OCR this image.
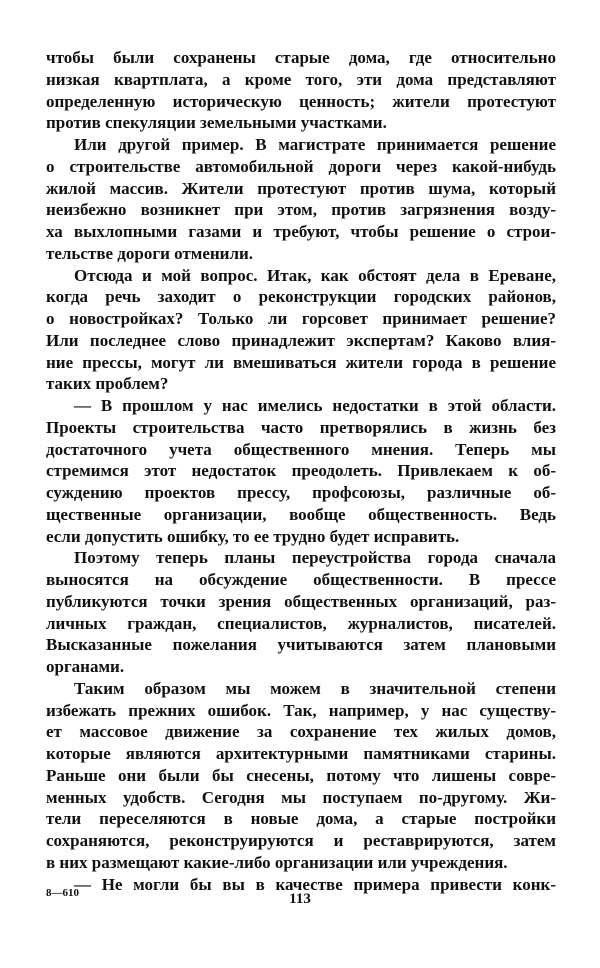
чтобы были сохранены старые дома, где относительно
низкая квартплата, а кроме того, эти дома представляют
определенную историческую ценность; жители протестуют
против спекуляции земельными участками.
Или другой пример. В магистрате принимается решение
о строительстве автомобильной дороги через какой-нибудь
жилой массив. Жители протестуют против шума, который
неизбежно возникнет при этом, против загрязнения возду-
ха выхлопными газами и требуют, чтобы решение о строи-
тельстве дороги отменили.
Отсюда и мой вопрос. Итак, как обстоят дела в Ереване,
когда речь заходит о реконструкции городских районов,
о новостройках? Только ли горсовет принимает решение?
Или последнее слово принадлежит экспертам? Каково влия-
ние прессы, могут ли вмешиваться жители города в решение
таких проблем?
— В прошлом у нас имелись недостатки в этой области.
Проекты строительства часто претворялись в жизнь без
достаточного учета общественного мнения. Теперь мы
стремимся этот недостаток преодолеть. Привлекаем к об-
суждению проектов прессу, профсоюзы, различные об-
щественные организации, вообще общественность. Ведь
если допустить ошибку, то ее трудно будет исправить.
Поэтому теперь планы переустройства города сначала
выносятся на обсуждение общественности. В прессе
публикуются точки зрения общественных организаций, раз-
личных граждан, специалистов, журналистов, писателей.
Высказанные пожелания учитываются затем плановыми
органами.
Таким образом мы можем в значительной степени
избежать прежних ошибок. Так, например, у нас существу-
ет массовое движение за сохранение тех жилых домов,
которые являются архитектурными памятниками старины.
Раньше они были бы снесены, потому что лишены совре-
менных удобств. Сегодня мы поступаем по-другому. Жи-
тели переселяются в новые дома, а старые постройки
сохраняются, реконструируются и реставрируются, затем
в них размещают какие-либо организации или учреждения.
— Не могли бы вы в качестве примера привести конк-
8—610	113
